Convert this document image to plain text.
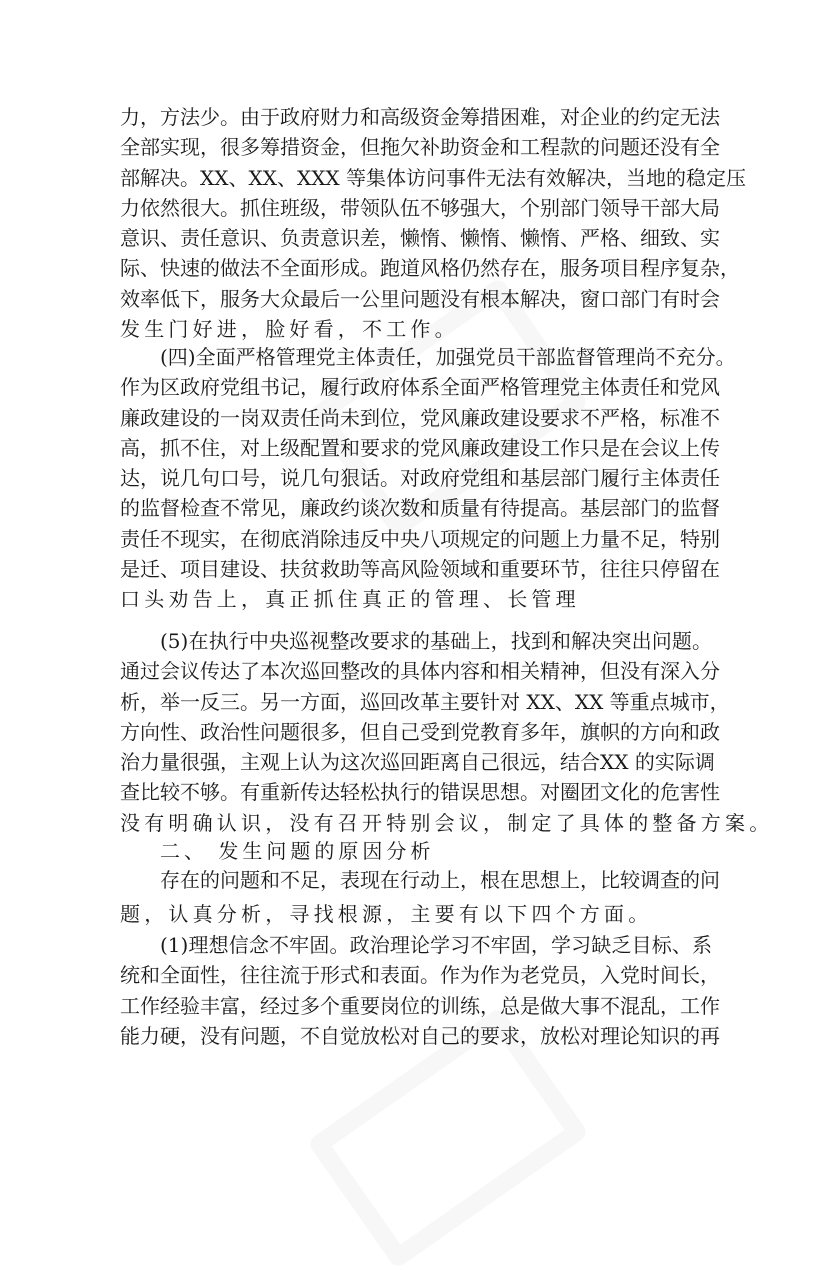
力，方法少。由于政府财力和高级资金筹措困难，对企业的约定无法
全部实现，很多筹措资金，但拖欠补助资金和工程款的问题还没有全
部解决。XX、XX、XXX 等集体访问事件无法有效解决，当地的稳定压
力依然很大。抓住班级，带领队伍不够强大，个别部门领导干部大局
意识、责任意识、负责意识差，懒惰、懒惰、懒惰、严格、细致、实
际、快速的做法不全面形成。跑道风格仍然存在，服务项目程序复杂，
效率低下，服务大众最后一公里问题没有根本解决，窗口部门有时会
发生门好进，脸好看，不工作。
(四)全面严格管理党主体责任，加强党员干部监督管理尚不充分。
作为区政府党组书记，履行政府体系全面严格管理党主体责任和党风
廉政建设的一岗双责任尚未到位，党风廉政建设要求不严格，标准不
高，抓不住，对上级配置和要求的党风廉政建设工作只是在会议上传
达，说几句口号，说几句狠话。对政府党组和基层部门履行主体责任
的监督检查不常见，廉政约谈次数和质量有待提高。基层部门的监督
责任不现实，在彻底消除违反中央八项规定的问题上力量不足，特别
是迁、项目建设、扶贫救助等高风险领域和重要环节，往往只停留在
口头劝告上，真正抓住真正的管理、长管理
(5)在执行中央巡视整改要求的基础上，找到和解决突出问题。
通过会议传达了本次巡回整改的具体内容和相关精神，但没有深入分
析，举一反三。另一方面，巡回改革主要针对 XX、XX 等重点城市，
方向性、政治性问题很多，但自己受到党教育多年，旗帜的方向和政
治力量很强，主观上认为这次巡回距离自己很远，结合XX 的实际调
查比较不够。有重新传达轻松执行的错误思想。对圈团文化的危害性
没有明确认识，没有召开特别会议，制定了具体的整备方案。
二、 发生问题的原因分析
存在的问题和不足，表现在行动上，根在思想上，比较调查的问
题，认真分析，寻找根源，主要有以下四个方面。
(1)理想信念不牢固。政治理论学习不牢固，学习缺乏目标、系
统和全面性，往往流于形式和表面。作为作为老党员，入党时间长，
工作经验丰富，经过多个重要岗位的训练，总是做大事不混乱，工作
能力硬，没有问题，不自觉放松对自己的要求，放松对理论知识的再
